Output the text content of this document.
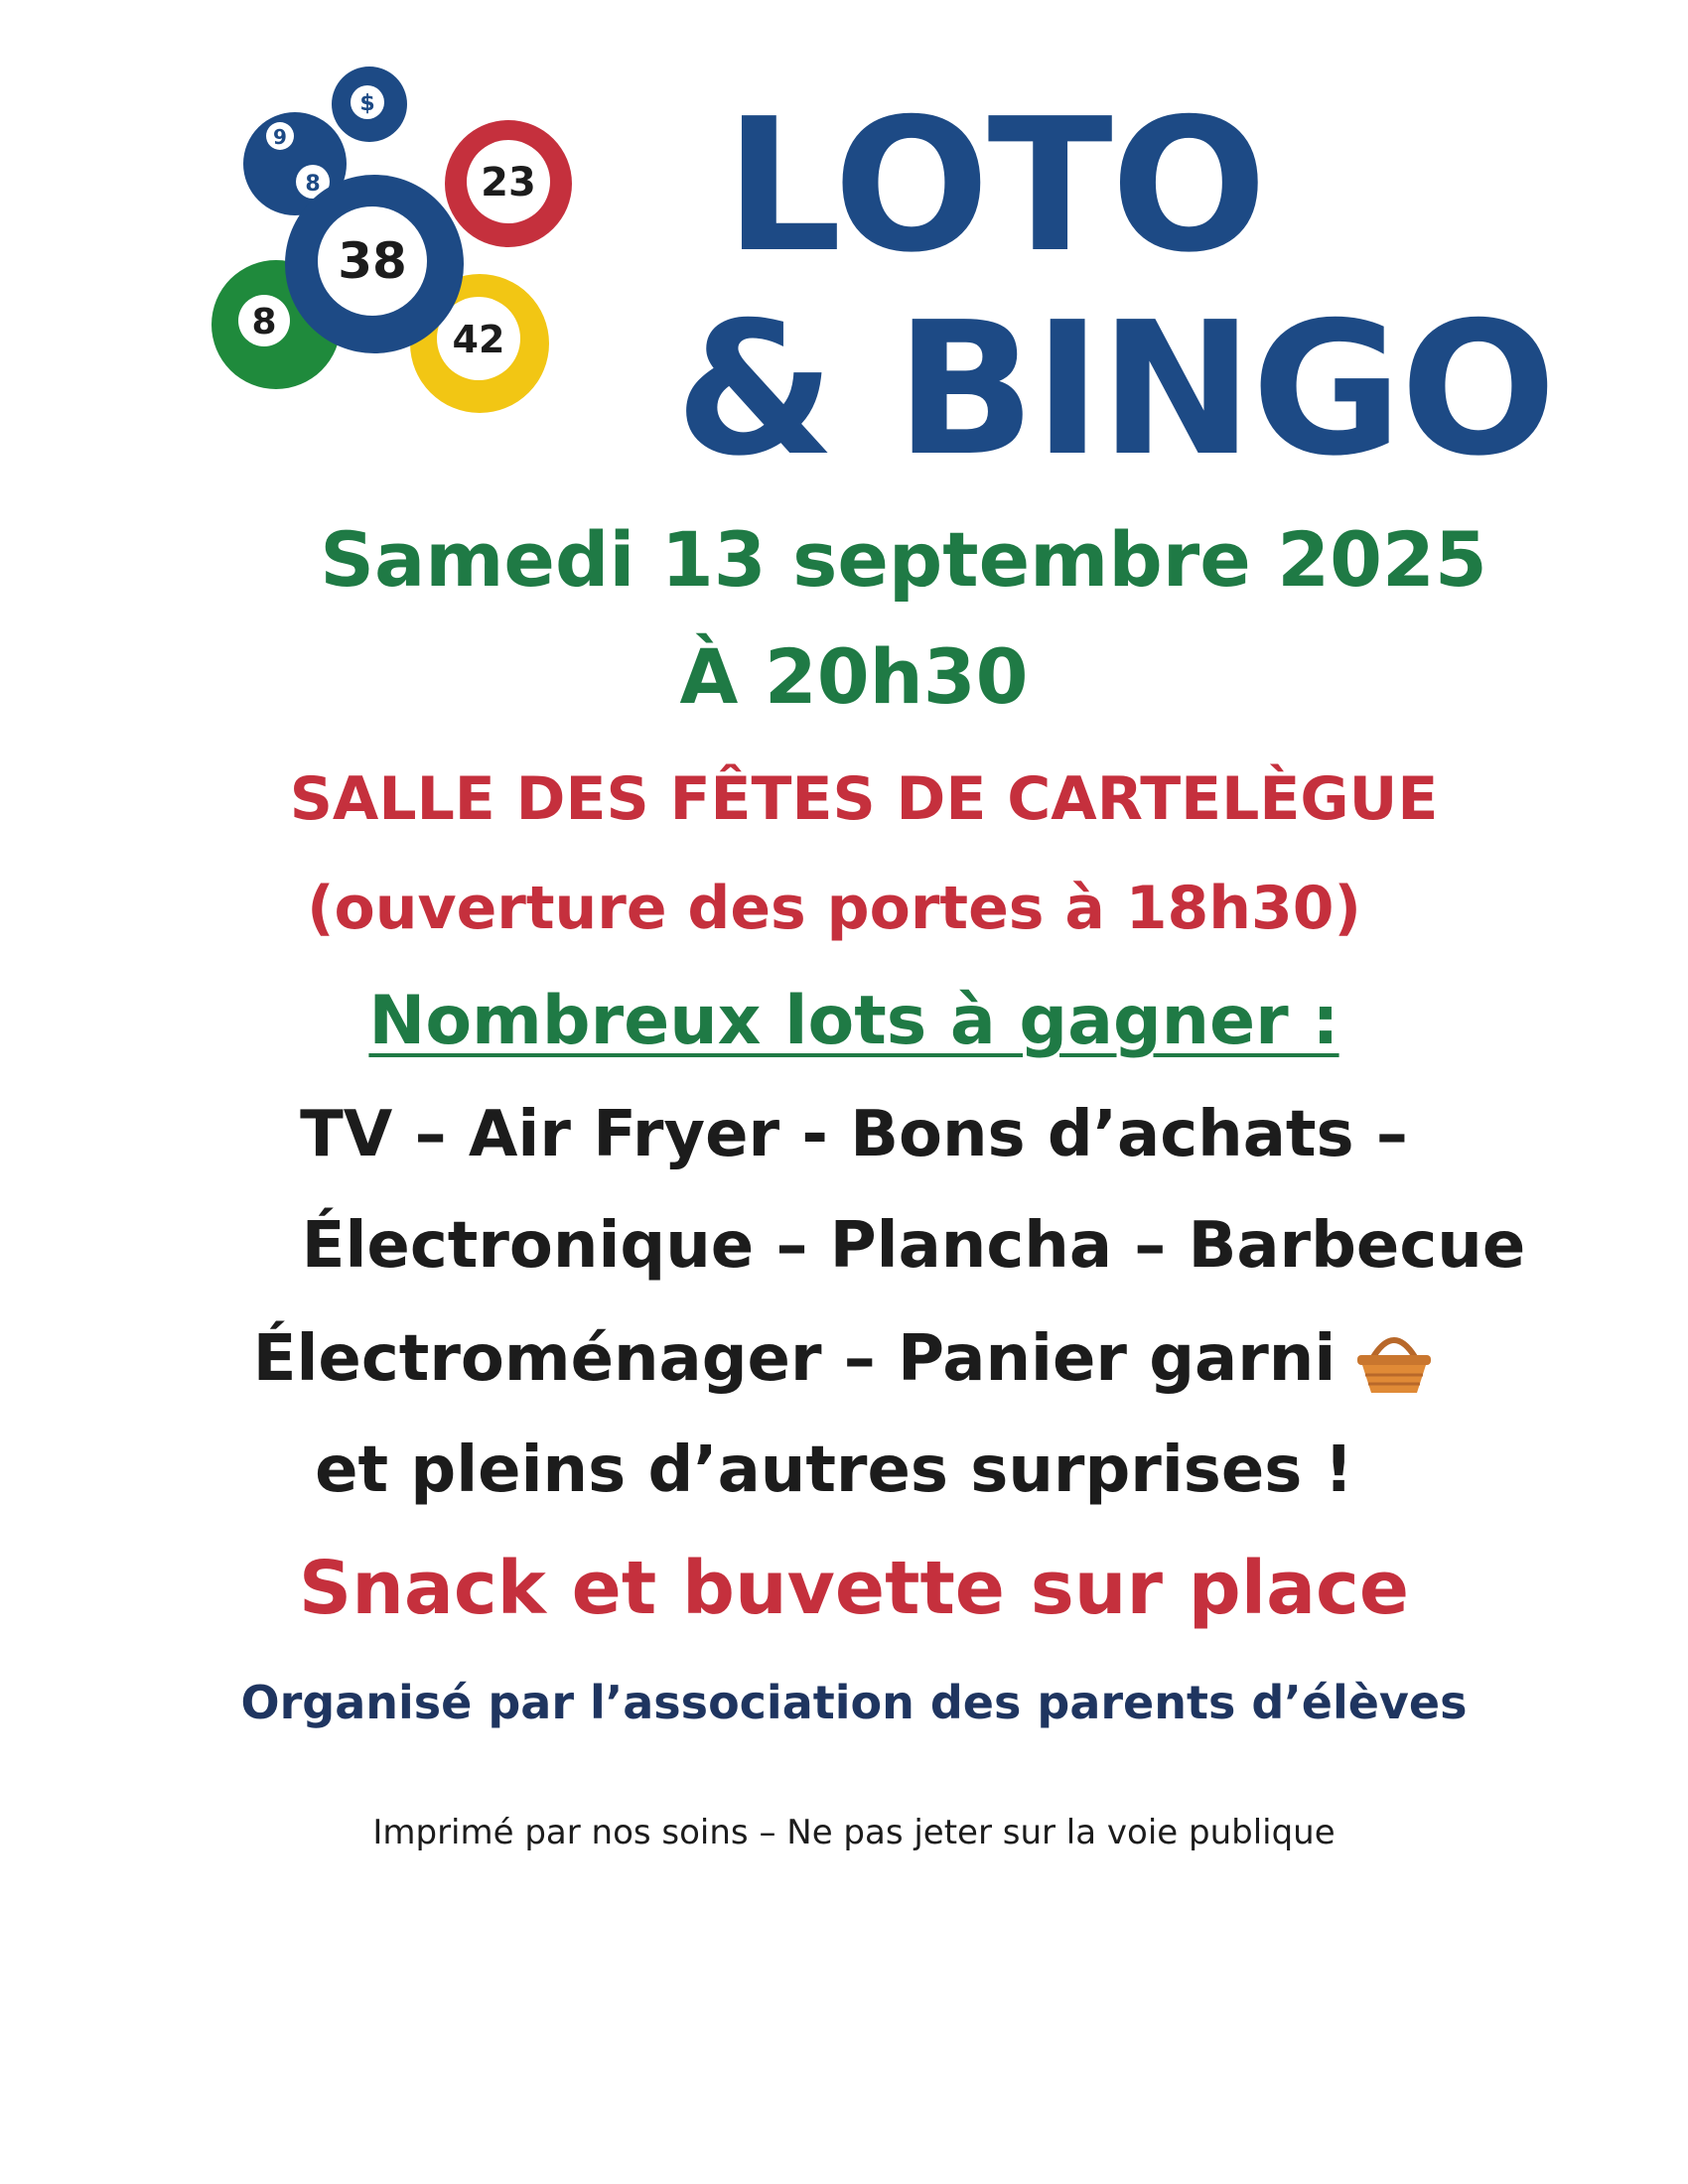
$
9
8	23
8	42
38 LOTO
& BINGO
Samedi 13 septembre 2025
À 20h30
SALLE DES FÊTES DE CARTELÈGUE
(ouverture des portes à 18h30)
Nombreux lots à gagner :
TV – Air Fryer - Bons d’achats –
Électronique – Plancha – Barbecue
Électroménager – Panier garni
et pleins d’autres surprises !
Snack et buvette sur place
Organisé par l’association des parents d’élèves
Imprimé par nos soins – Ne pas jeter sur la voie publique
